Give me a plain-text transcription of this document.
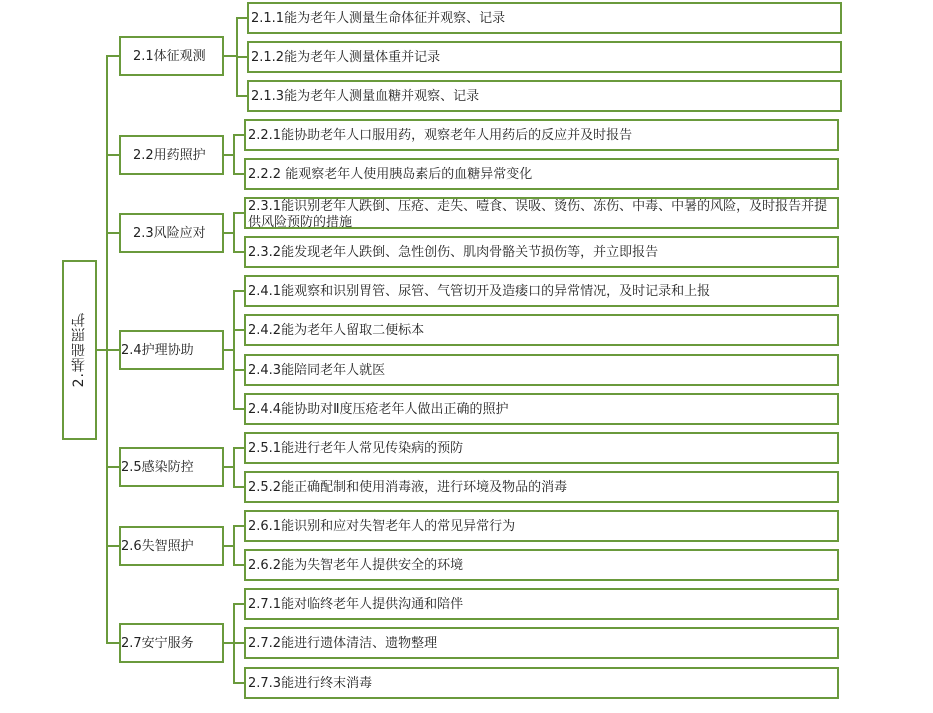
2.基础照护
2.1体征观测
2.1.1能为老年人测量生命体征并观察、记录
2.1.2能为老年人测量体重并记录
2.1.3能为老年人测量血糖并观察、记录
2.2用药照护
2.2.1能协助老年人口服用药，观察老年人用药后的反应并及时报告
2.2.2 能观察老年人使用胰岛素后的血糖异常变化
2.3风险应对
2.3.1能识别老年人跌倒、压疮、走失、噎食、误吸、烫伤、冻伤、中毒、中暑的风险，及时报告并提供风险预防的措施
2.3.2能发现老年人跌倒、急性创伤、肌肉骨骼关节损伤等，并立即报告
2.4护理协助
2.4.1能观察和识别胃管、尿管、气管切开及造瘘口的异常情况，及时记录和上报
2.4.2能为老年人留取二便标本
2.4.3能陪同老年人就医
2.4.4能协助对Ⅱ度压疮老年人做出正确的照护
2.5感染防控
2.5.1能进行老年人常见传染病的预防
2.5.2能正确配制和使用消毒液，进行环境及物品的消毒
2.6失智照护
2.6.1能识别和应对失智老年人的常见异常行为
2.6.2能为失智老年人提供安全的环境
2.7安宁服务
2.7.1能对临终老年人提供沟通和陪伴
2.7.2能进行遗体清洁、遗物整理
2.7.3能进行终末消毒
